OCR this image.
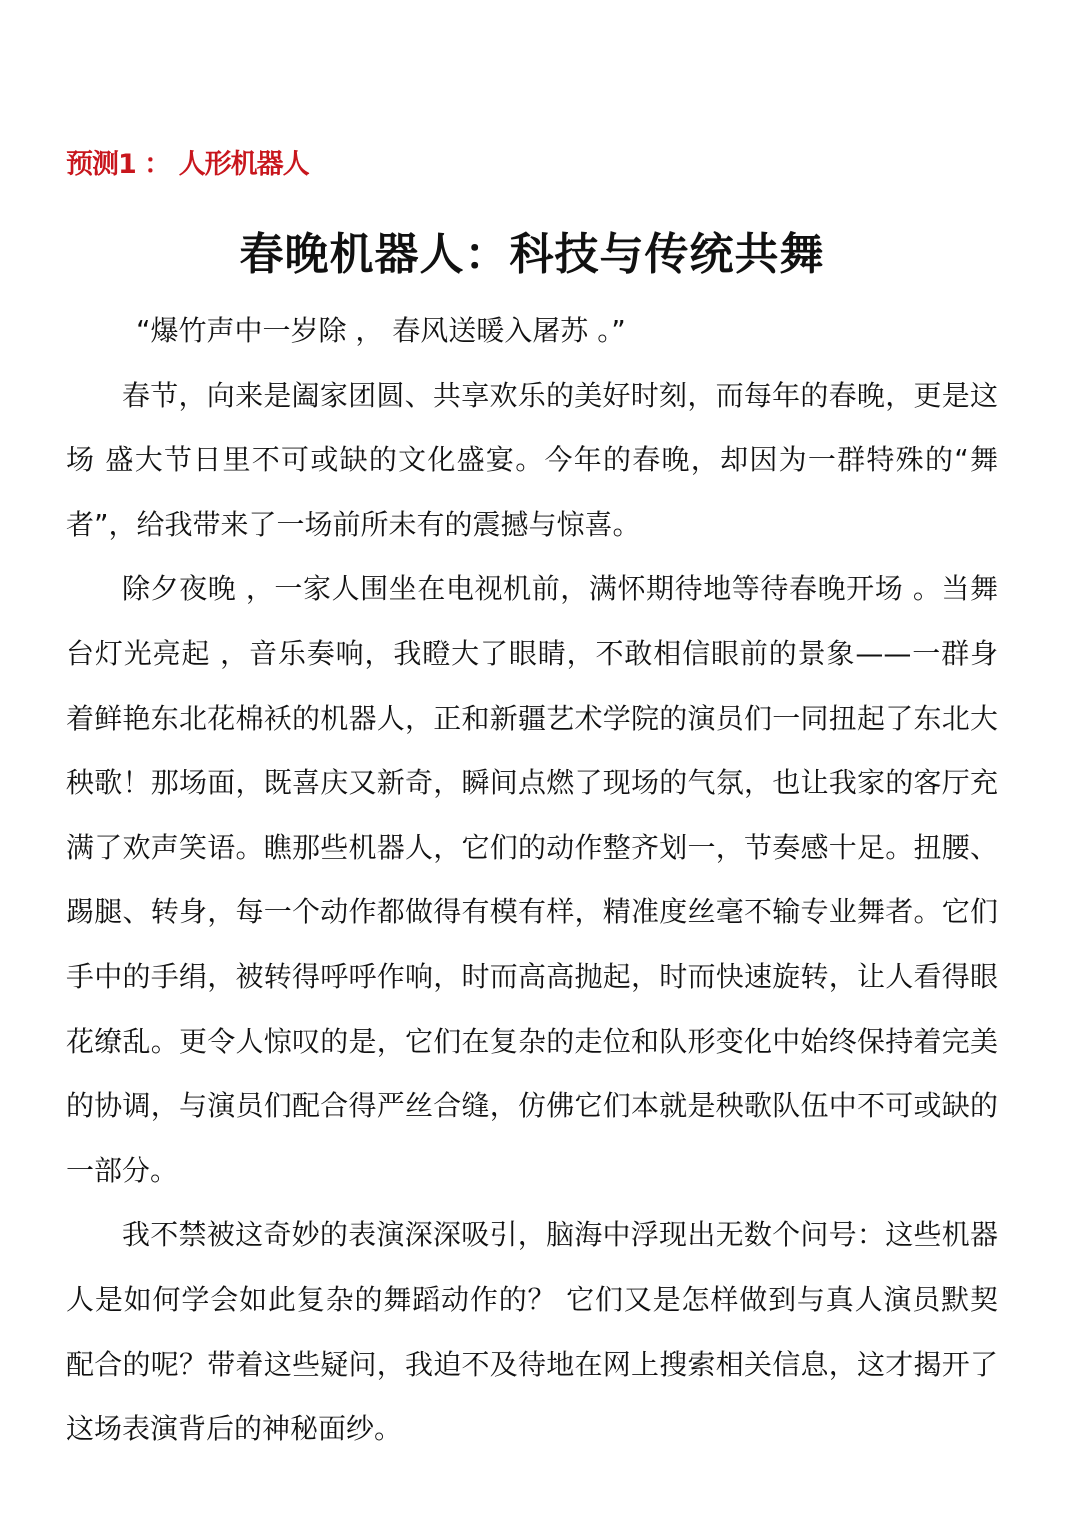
预测1 ： 人形机器人
春晚机器人：科技与传统共舞

“爆竹声中一岁除 ， 春风送暖入屠苏 。”

春节，向来是阖家团圆、共享欢乐的美好时刻，而每年的春晚，更是这场 盛大节日里不可或缺的文化盛宴。今年的春晚，却因为一群特殊的“舞者”，给我带来了一场前所未有的震撼与惊喜。

除夕夜晚 ，一家人围坐在电视机前，满怀期待地等待春晚开场 。当舞台灯光亮起 ，音乐奏响，我瞪大了眼睛，不敢相信眼前的景象——一群身着鲜艳东北花棉袄的机器人，正和新疆艺术学院的演员们一同扭起了东北大秧歌！那场面，既喜庆又新奇，瞬间点燃了现场的气氛，也让我家的客厅充满了欢声笑语。瞧那些机器人，它们的动作整齐划一，节奏感十足。扭腰、踢腿、转身，每一个动作都做得有模有样，精准度丝毫不输专业舞者。它们手中的手绢，被转得呼呼作响，时而高高抛起，时而快速旋转，让人看得眼花缭乱。更令人惊叹的是，它们在复杂的走位和队形变化中始终保持着完美的协调，与演员们配合得严丝合缝，仿佛它们本就是秧歌队伍中不可或缺的一部分。

我不禁被这奇妙的表演深深吸引，脑海中浮现出无数个问号：这些机器人是如何学会如此复杂的舞蹈动作的？ 它们又是怎样做到与真人演员默契配合的呢？带着这些疑问，我迫不及待地在网上搜索相关信息，这才揭开了这场表演背后的神秘面纱。
